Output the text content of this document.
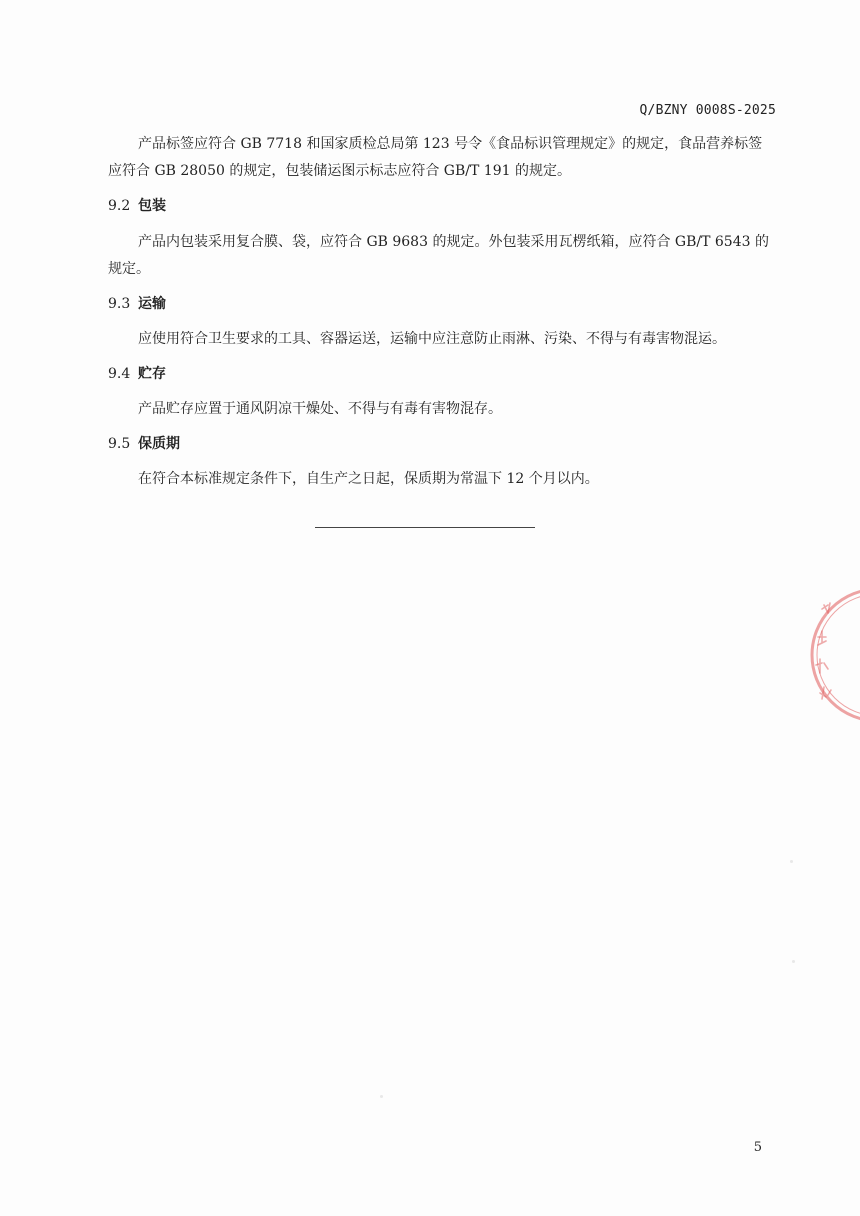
Q/BZNY 0008S-2025

产品标签应符合 GB 7718 和国家质检总局第 123 号令《食品标识管理规定》的规定，食品营养标签应符合 GB 28050 的规定，包装储运图示标志应符合 GB/T 191 的规定。

9.2 包装

产品内包装采用复合膜、袋，应符合 GB 9683 的规定。外包装采用瓦楞纸箱，应符合 GB/T 6543 的规定。

9.3 运输

应使用符合卫生要求的工具、容器运送，运输中应注意防止雨淋、污染、不得与有毒害物混运。

9.4 贮存

产品贮存应置于通风阴凉干燥处、不得与有毒有害物混存。

9.5 保质期

在符合本标准规定条件下，自生产之日起，保质期为常温下 12 个月以内。

5
